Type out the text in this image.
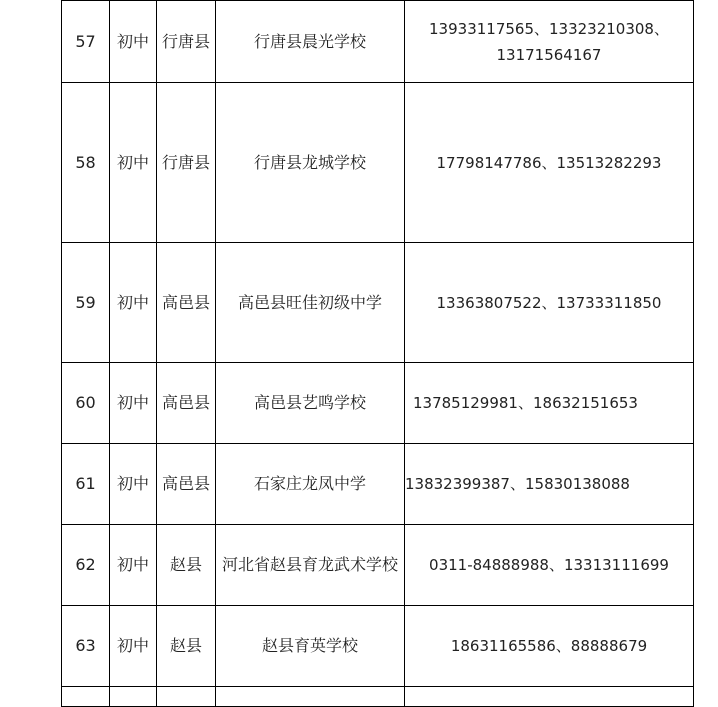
57	初中	行唐县	行唐县晨光学校	13933117565、13323210308、13171564167
58	初中	行唐县	行唐县龙城学校	17798147786、13513282293
59	初中	高邑县	高邑县旺佳初级中学	13363807522、13733311850
60	初中	高邑县	高邑县艺鸣学校	13785129981、18632151653
61	初中	高邑县	石家庄龙凤中学	13832399387、15830138088
62	初中	赵县	河北省赵县育龙武术学校	0311-84888988、13313111699
63	初中	赵县	赵县育英学校	18631165586、88888679
